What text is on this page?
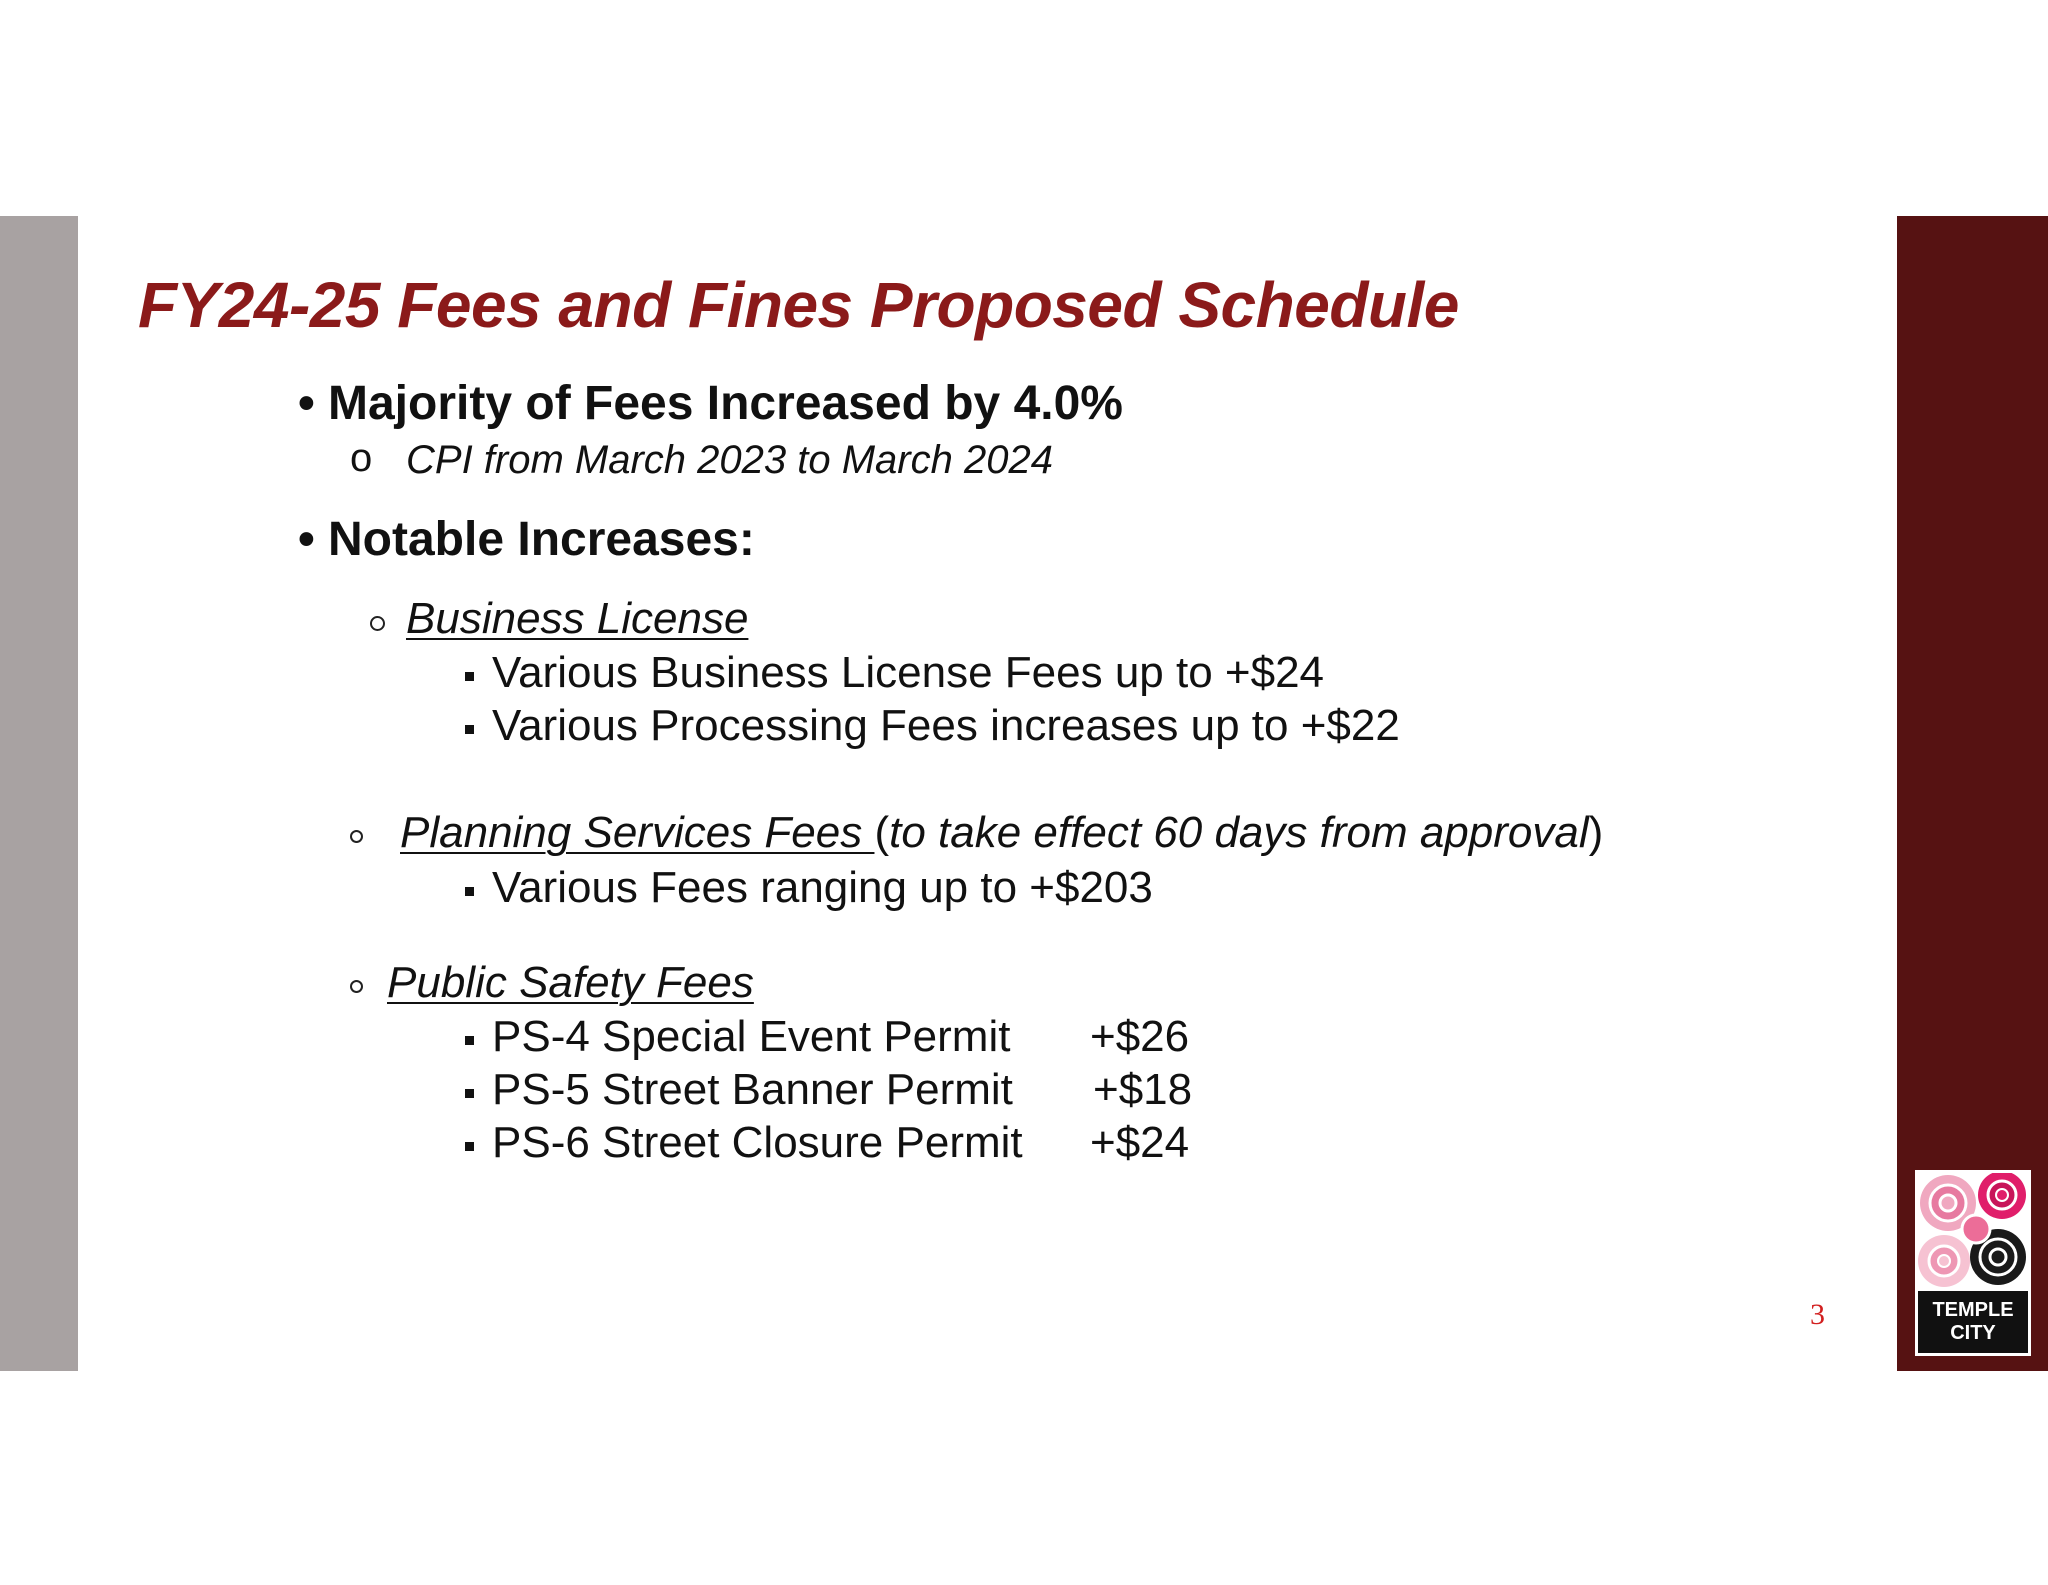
FY24-25 Fees and Fines Proposed Schedule
• Majority of Fees Increased by 4.0%
o CPI from March 2023 to March 2024
• Notable Increases:
Business License
Various Business License Fees up to +$24
Various Processing Fees increases up to +$22
Planning Services Fees (to take effect 60 days from approval)
Various Fees ranging up to +$203
Public Safety Fees
PS-4 Special Event Permit +$26
PS-5 Street Banner Permit +$18
PS-6 Street Closure Permit +$24
3	TEMPLE
CITY
